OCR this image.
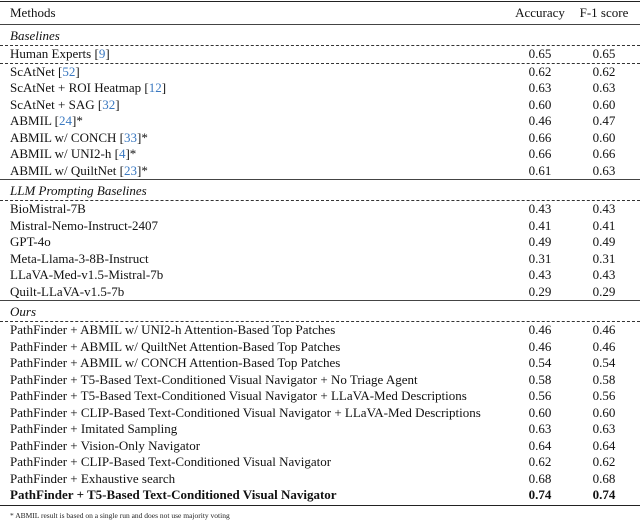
Methods	Accuracy	F-1 score
Baselines
Human Experts [ 9 ]	0.65	0.65
ScAtNet [ 52 ]	0.62	0.62
ScAtNet + ROI Heatmap [ 12 ]	0.63	0.63
ScAtNet + SAG [ 32 ]	0.60	0.60
ABMIL [ 24 ] *	0.46	0.47
ABMIL w/ CONCH [ 33 ] *	0.66	0.60
ABMIL w/ UNI2-h [ 4 ] *	0.66	0.66
ABMIL w/ QuiltNet [ 23 ] *	0.61	0.63
LLM Prompting Baselines
BioMistral-7B	0.43	0.43
Mistral-Nemo-Instruct-2407	0.41	0.41
GPT-4o	0.49	0.49
Meta-Llama-3-8B-Instruct	0.31	0.31
LLaVA-Med-v1.5-Mistral-7b	0.43	0.43
Quilt-LLaVA-v1.5-7b	0.29	0.29
Ours
PathFinder + ABMIL w/ UNI2-h Attention-Based Top Patches	0.46	0.46
PathFinder + ABMIL w/ QuiltNet Attention-Based Top Patches	0.46	0.46
PathFinder + ABMIL w/ CONCH Attention-Based Top Patches	0.54	0.54
PathFinder + T5-Based Text-Conditioned Visual Navigator + No Triage Agent	0.58	0.58
PathFinder + T5-Based Text-Conditioned Visual Navigator + LLaVA-Med Descriptions	0.56	0.56
PathFinder + CLIP-Based Text-Conditioned Visual Navigator + LLaVA-Med Descriptions	0.60	0.60
PathFinder + Imitated Sampling	0.63	0.63
PathFinder + Vision-Only Navigator	0.64	0.64
PathFinder + CLIP-Based Text-Conditioned Visual Navigator	0.62	0.62
PathFinder + Exhaustive search	0.68	0.68
PathFinder + T5-Based Text-Conditioned Visual Navigator	0.74	0.74
* ABMIL result is based on a single run and does not use majority voting
